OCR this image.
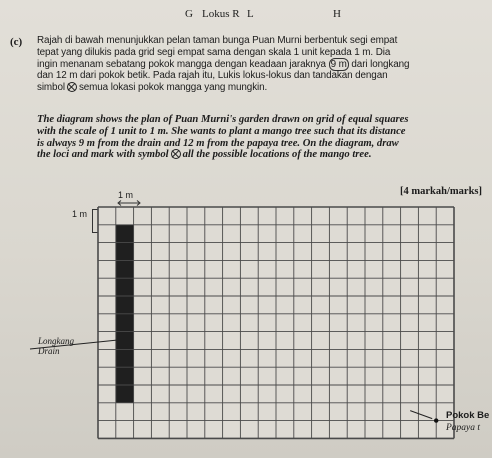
G Lokus R L	H
(c) Rajah di bawah menunjukkan pelan taman bunga Puan Murni berbentuk segi empat
tepat yang dilukis pada grid segi empat sama dengan skala 1 unit kepada 1 m. Dia
ingin menanam sebatang pokok mangga dengan keadaan jaraknya 9 m dari longkang
dan 12 m dari pokok betik. Pada rajah itu, Lukis lokus-lokus dan tandakan dengan
simbol semua lokasi pokok mangga yang mungkin.
The diagram shows the plan of Puan Murni's garden drawn on grid of equal squares
with the scale of 1 unit to 1 m. She wants to plant a mango tree such that its distance
is always 9 m from the drain and 12 m from the papaya tree. On the diagram, draw
the loci and mark with symbol all the possible locations of the mango tree.
[4 markah/marks]
1 m
1 m
Longkang
Drain
Pokok Be
Papaya t
